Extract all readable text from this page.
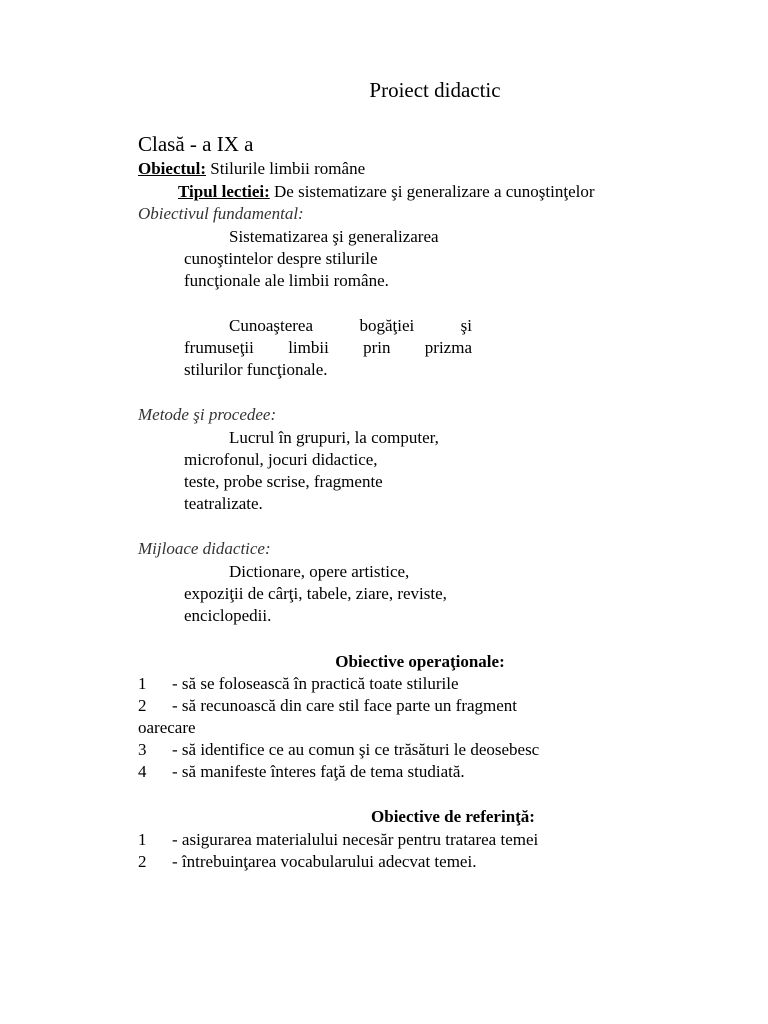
Proiect didactic
Clasă - a IX a
Obiectul: Stilurile limbii române
Tipul lectiei: De sistematizare şi generalizare a cunoştinţelor
Obiectivul fundamental:
Sistematizarea şi generalizarea
cunoştintelor despre stilurile
funcţionale ale limbii române.
Cunoaşterea	bogăţiei	şi
frumuseţii limbii prin prizma
stilurilor funcţionale.
Metode şi procedee:
Lucrul în grupuri, la computer,
microfonul, jocuri didactice,
teste, probe scrise, fragmente
teatralizate.
Mijloace didactice:
Dictionare, opere artistice,
expoziţii de cârţi, tabele, ziare, reviste,
enciclopedii.
Obiective operaţionale:
1 - să se folosească în practică toate stilurile
2 - să recunoască din care stil face parte un fragment
oarecare
3 - să identifice ce au comun şi ce trăsături le deosebesc
4 - să manifeste înteres faţă de tema studiată.
Obiective de referinţă:
1 - asigurarea materialului necesăr pentru tratarea temei
2 - întrebuinţarea vocabularului adecvat temei.
